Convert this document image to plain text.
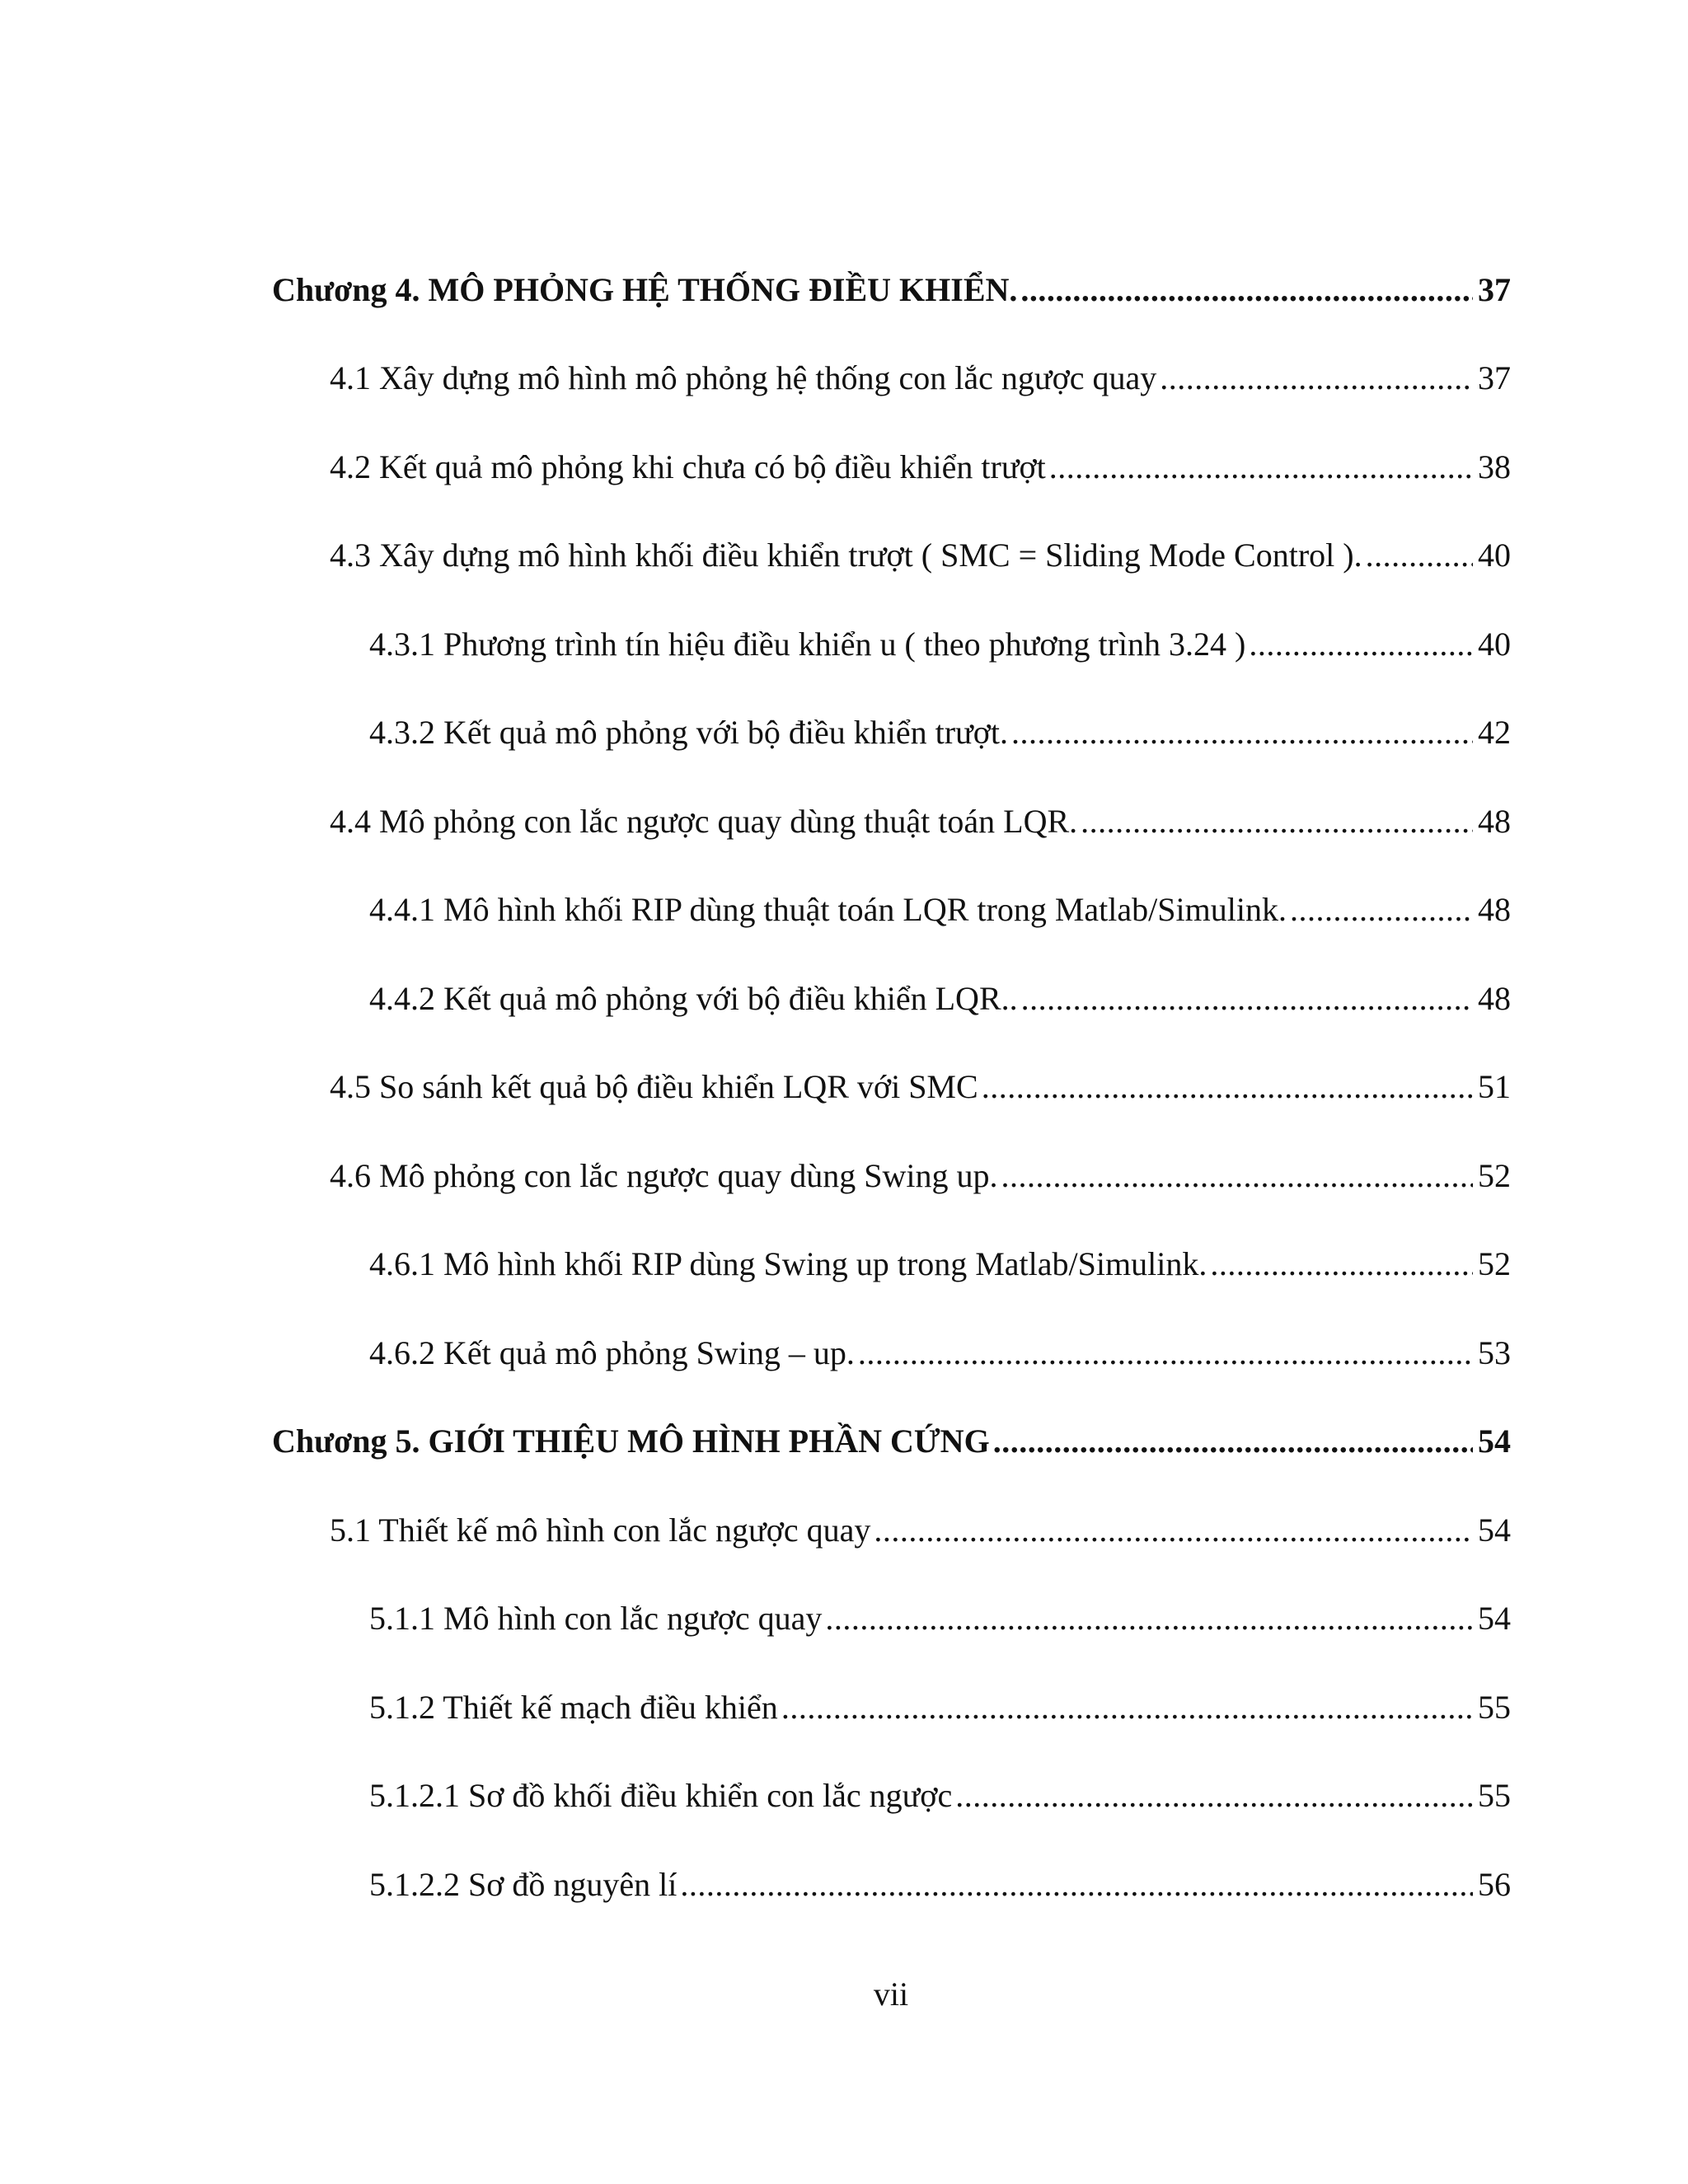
Chương 4. MÔ PHỎNG HỆ THỐNG ĐIỀU KHIỂN. .....	37
4.1 Xây dựng mô hình mô phỏng hệ thống con lắc ngược quay .....	37
4.2 Kết quả mô phỏng khi chưa có bộ điều khiển trượt .....	38
4.3 Xây dựng mô hình khối điều khiển trượt ( SMC = Sliding Mode Control ). .....	40
4.3.1 Phương trình tín hiệu điều khiển u ( theo phương trình 3.24 ) .....	40
4.3.2 Kết quả mô phỏng với bộ điều khiển trượt. .....	42
4.4 Mô phỏng con lắc ngược quay dùng thuật toán LQR. .....	48
4.4.1 Mô hình khối RIP dùng thuật toán LQR trong Matlab/Simulink. .....	48
4.4.2 Kết quả mô phỏng với bộ điều khiển LQR.. .....	48
4.5 So sánh kết quả bộ điều khiển LQR với SMC .....	51
4.6 Mô phỏng con lắc ngược quay dùng Swing up. .....	52
4.6.1 Mô hình khối RIP dùng Swing up trong Matlab/Simulink. .....	52
4.6.2 Kết quả mô phỏng Swing – up. .....	53
Chương 5. GIỚI THIỆU MÔ HÌNH PHẦN CỨNG .....	54
5.1 Thiết kế mô hình con lắc ngược quay .....	54
5.1.1 Mô hình con lắc ngược quay .....	54
5.1.2 Thiết kế mạch điều khiển .....	55
5.1.2.1 Sơ đồ khối điều khiển con lắc ngược .....	55
5.1.2.2 Sơ đồ nguyên lí .....	56
vii
